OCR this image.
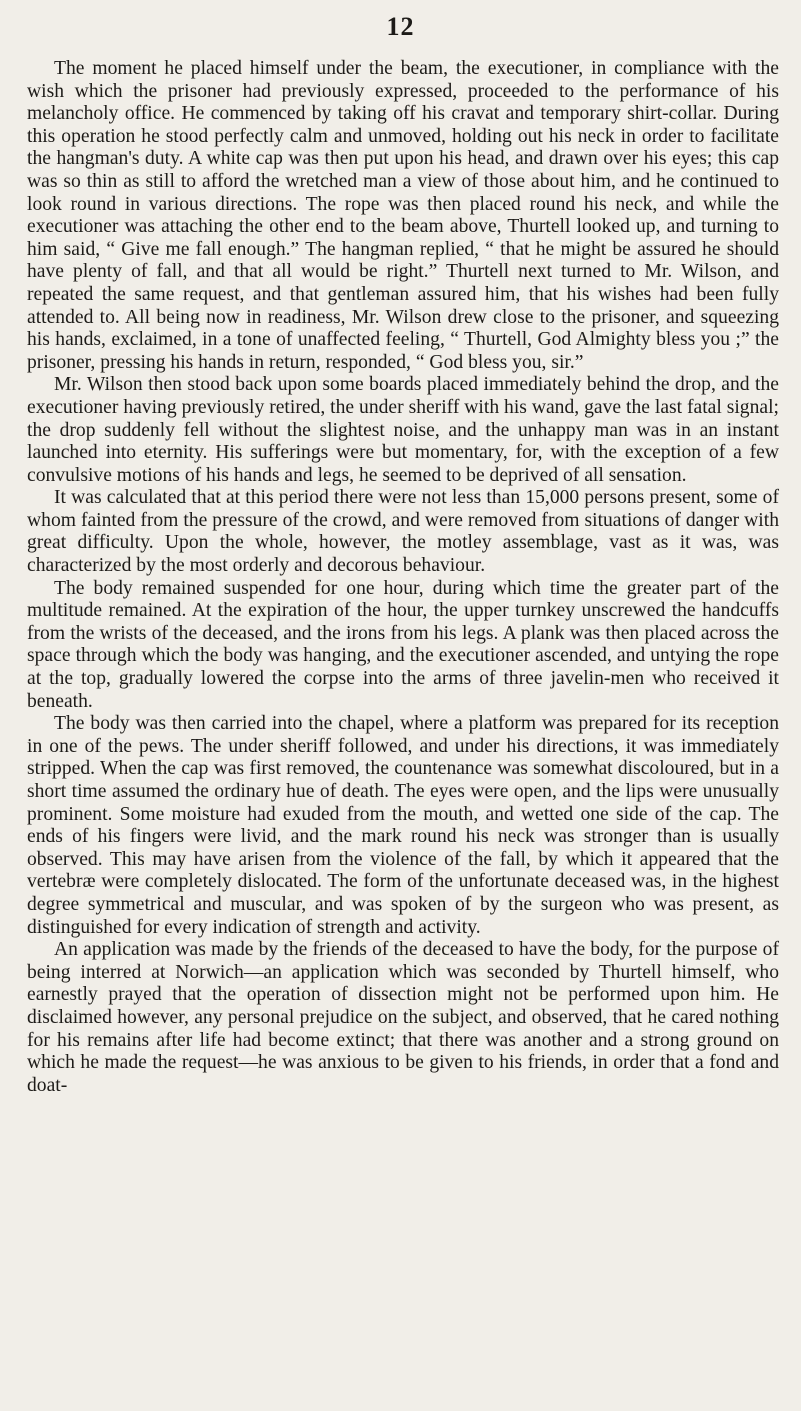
12

The moment he placed himself under the beam, the executioner, in compliance with the wish which the prisoner had previously expressed, proceeded to the performance of his melancholy office. He commenced by taking off his cravat and temporary shirt-collar. During this operation he stood perfectly calm and unmoved, holding out his neck in order to facilitate the hangman's duty. A white cap was then put upon his head, and drawn over his eyes; this cap was so thin as still to afford the wretched man a view of those about him, and he continued to look round in various directions. The rope was then placed round his neck, and while the executioner was attaching the other end to the beam above, Thurtell looked up, and turning to him said, “ Give me fall enough.” The hangman replied, “ that he might be assured he should have plenty of fall, and that all would be right.” Thurtell next turned to Mr. Wilson, and repeated the same request, and that gentleman assured him, that his wishes had been fully attended to. All being now in readiness, Mr. Wilson drew close to the prisoner, and squeezing his hands, exclaimed, in a tone of unaffected feeling, “ Thurtell, God Almighty bless you ;” the prisoner, pressing his hands in return, responded, “ God bless you, sir.”

Mr. Wilson then stood back upon some boards placed immediately behind the drop, and the executioner having previously retired, the under sheriff with his wand, gave the last fatal signal; the drop suddenly fell without the slightest noise, and the unhappy man was in an instant launched into eternity. His sufferings were but momentary, for, with the exception of a few convulsive motions of his hands and legs, he seemed to be deprived of all sensation.

It was calculated that at this period there were not less than 15,000 persons present, some of whom fainted from the pressure of the crowd, and were removed from situations of danger with great difficulty. Upon the whole, however, the motley assemblage, vast as it was, was characterized by the most orderly and decorous behaviour.

The body remained suspended for one hour, during which time the greater part of the multitude remained. At the expiration of the hour, the upper turnkey unscrewed the handcuffs from the wrists of the deceased, and the irons from his legs. A plank was then placed across the space through which the body was hanging, and the executioner ascended, and untying the rope at the top, gradually lowered the corpse into the arms of three javelin-men who received it beneath.

The body was then carried into the chapel, where a platform was prepared for its reception in one of the pews. The under sheriff followed, and under his directions, it was immediately stripped. When the cap was first removed, the countenance was somewhat discoloured, but in a short time assumed the ordinary hue of death. The eyes were open, and the lips were unusually prominent. Some moisture had exuded from the mouth, and wetted one side of the cap. The ends of his fingers were livid, and the mark round his neck was stronger than is usually observed. This may have arisen from the violence of the fall, by which it appeared that the vertebræ were completely dislocated. The form of the unfortunate deceased was, in the highest degree symmetrical and muscular, and was spoken of by the surgeon who was present, as distinguished for every indication of strength and activity.

An application was made by the friends of the deceased to have the body, for the purpose of being interred at Norwich—an application which was seconded by Thurtell himself, who earnestly prayed that the operation of dissection might not be performed upon him. He disclaimed however, any personal prejudice on the subject, and observed, that he cared nothing for his remains after life had become extinct; that there was another and a strong ground on which he made the request—he was anxious to be given to his friends, in order that a fond and doat-
